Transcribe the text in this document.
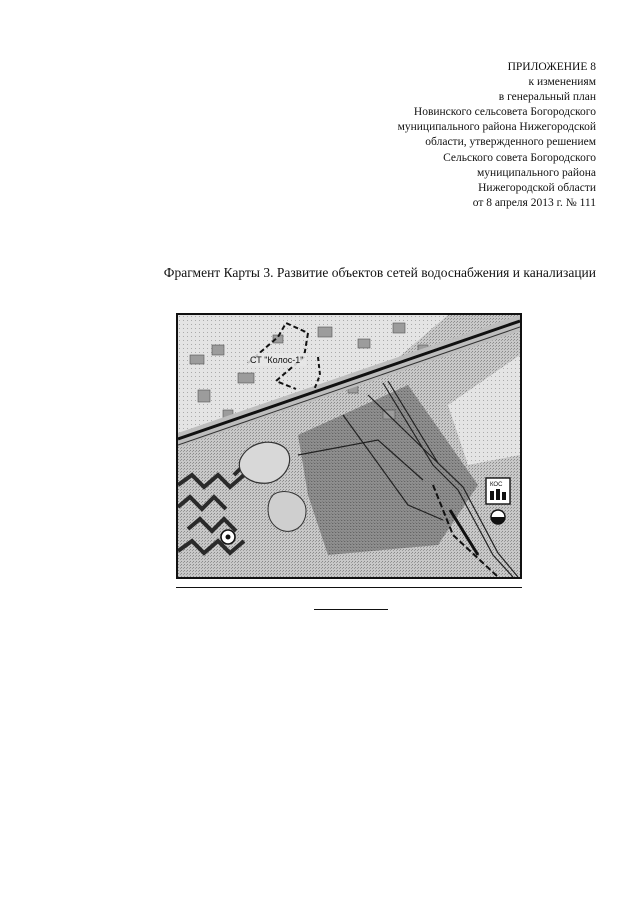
ПРИЛОЖЕНИЕ 8
к изменениям
в генеральный план
Новинского сельсовета Богородского
муниципального района Нижегородской
области, утвержденного решением
Сельского совета Богородского
муниципального района
Нижегородской области
от 8 апреля 2013 г. № 111
Фрагмент Карты 3. Развитие объектов сетей водоснабжения и канализации
СТ "Колос-1"
КОС
